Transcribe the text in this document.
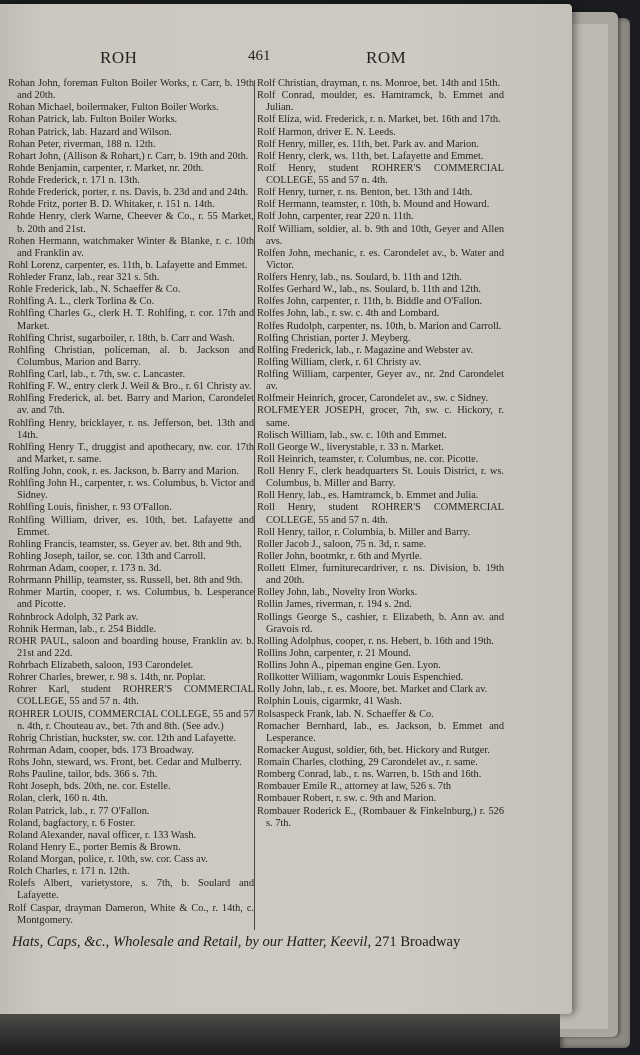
ROH	461	ROM

Rohan John, foreman Fulton Boiler Works, r. Carr, b. 19th and 20th.

Rohan Michael, boilermaker, Fulton Boiler Works.

Rohan Patrick, lab. Fulton Boiler Works.

Rohan Patrick, lab. Hazard and Wilson.

Rohan Peter, riverman, 188 n. 12th.

Rohart John, (Allison & Rohart,) r. Carr, b. 19th and 20th.

Rohde Benjamin, carpenter, r. Market, nr. 20th.

Rohde Frederick, r. 171 n. 13th.

Rohde Frederick, porter, r. ns. Davis, b. 23d and and 24th.

Rohde Fritz, porter B. D. Whitaker, r. 151 n. 14th.

Rohde Henry, clerk Warne, Cheever & Co., r. 55 Market, b. 20th and 21st.

Rohen Hermann, watchmaker Winter & Blanke, r. c. 10th and Franklin av.

Rohl Lorenz, carpenter, es. 11th, b. Lafayette and Emmet.

Rohleder Franz, lab., rear 321 s. 5th.

Rohle Frederick, lab., N. Schaeffer & Co.

Rohlfing A. L., clerk Torlina & Co.

Rohlfing Charles G., clerk H. T. Rohlfing, r. cor. 17th and Market.

Rohlfing Christ, sugarboiler, r. 18th, b. Carr and Wash.

Rohlfing Christian, policeman, al. b. Jackson and Columbus, Marion and Barry.

Rohlfing Carl, lab., r. 7th, sw. c. Lancaster.

Rohlfing F. W., entry clerk J. Weil & Bro., r. 61 Christy av.

Rohlfing Frederick, al. bet. Barry and Marion, Carondelet av. and 7th.

Rohlfing Henry, bricklayer, r. ns. Jefferson, bet. 13th and 14th.

Rohlfing Henry T., druggist and apothecary, nw. cor. 17th and Market, r. same.

Rolfing John, cook, r. es. Jackson, b. Barry and Marion.

Rohlfing John H., carpenter, r. ws. Columbus, b. Victor and Sidney.

Rohlfing Louis, finisher, r. 93 O'Fallon.

Rohlfing William, driver, es. 10th, bet. Lafayette and Emmet.

Rohling Francis, teamster, ss. Geyer av. bet. 8th and 9th.

Rohling Joseph, tailor, se. cor. 13th and Carroll.

Rohrman Adam, cooper, r. 173 n. 3d.

Rohrmann Phillip, teamster, ss. Russell, bet. 8th and 9th.

Rohmer Martin, cooper, r. ws. Columbus, b. Lesperance and Picotte.

Rohnbrock Adolph, 32 Park av.

Rohnik Herman, lab., r. 254 Biddle.

ROHR PAUL, saloon and boarding house, Franklin av. b. 21st and 22d.

Rohrbach Elizabeth, saloon, 193 Carondelet.

Rohrer Charles, brewer, r. 98 s. 14th, nr. Poplar.

Rohrer Karl, student ROHRER'S COMMERCIAL COLLEGE, 55 and 57 n. 4th.

ROHRER LOUIS, COMMERCIAL COLLEGE, 55 and 57 n. 4th, r. Chouteau av., bet. 7th and 8th. (See adv.)

Rohrig Christian, huckster, sw. cor. 12th and Lafayette.

Rohrman Adam, cooper, bds. 173 Broadway.

Rohs John, steward, ws. Front, bet. Cedar and Mulberry.

Rohs Pauline, tailor, bds. 366 s. 7th.

Roht Joseph, bds. 20th, ne. cor. Estelle.

Rolan, clerk, 160 n. 4th.

Rolan Patrick, lab., r. 77 O'Fallon.

Roland, bagfactory, r. 6 Foster.

Roland Alexander, naval officer, r. 133 Wash.

Roland Henry E., porter Bemis & Brown.

Roland Morgan, police, r. 10th, sw. cor. Cass av.

Rolch Charles, r. 171 n. 12th.

Rolefs Albert, varietystore, s. 7th, b. Soulard and Lafayette.

Rolf Caspar, drayman Dameron, White & Co., r. 14th, c. Montgomery.

Rolf Christian, drayman, r. ns. Monroe, bet. 14th and 15th.

Rolf Conrad, moulder, es. Hamtramck, b. Emmet and Julian.

Rolf Eliza, wid. Frederick, r. n. Market, bet. 16th and 17th.

Rolf Harmon, driver E. N. Leeds.

Rolf Henry, miller, es. 11th, bet. Park av. and Marion.

Rolf Henry, clerk, ws. 11th, bet. Lafayette and Emmet.

Rolf Henry, student ROHRER'S COMMERCIAL COLLEGE, 55 and 57 n. 4th.

Rolf Henry, turner, r. ns. Benton, bet. 13th and 14th.

Rolf Hermann, teamster, r. 10th, b. Mound and Howard.

Rolf John, carpenter, rear 220 n. 11th.

Rolf William, soldier, al. b. 9th and 10th, Geyer and Allen avs.

Rolfen John, mechanic, r. es. Carondelet av., b. Water and Victor.

Rolfers Henry, lab., ns. Soulard, b. 11th and 12th.

Rolfes Gerhard W., lab., ns. Soulard, b. 11th and 12th.

Rolfes John, carpenter, r. 11th, b. Biddle and O'Fallon.

Rolfes John, lab., r. sw. c. 4th and Lombard.

Rolfes Rudolph, carpenter, ns. 10th, b. Marion and Carroll.

Rolfing Christian, porter J. Meyberg.

Rolfing Frederick, lab., r. Magazine and Webster av.

Rolfing William, clerk, r. 61 Christy av.

Rolfing William, carpenter, Geyer av., nr. 2nd Carondelet av.

Rolfmeir Heinrich, grocer, Carondelet av., sw. c Sidney.

ROLFMEYER JOSEPH, grocer, 7th, sw. c. Hickory, r. same.

Rolisch William, lab., sw. c. 10th and Emmet.

Roll George W., liverystable, r. 33 n. Market.

Roll Heinrich, teamster, r. Columbus, ne. cor. Picotte.

Roll Henry F., clerk headquarters St. Louis District, r. ws. Columbus, b. Miller and Barry.

Roll Henry, lab., es. Hamtramck, b. Emmet and Julia.

Roll Henry, student ROHRER'S COMMERCIAL COLLEGE, 55 and 57 n. 4th.

Roll Henry, tailor, r. Columbia, b. Miller and Barry.

Roller Jacob J., saloon, 75 n. 3d, r. same.

Roller John, bootmkr, r. 6th and Myrtle.

Rollett Elmer, furniturecardriver, r. ns. Division, b. 19th and 20th.

Rolley John, lab., Novelty Iron Works.

Rollin James, riverman, r. 194 s. 2nd.

Rollings George S., cashier, r. Elizabeth, b. Ann av. and Gravois rd.

Rolling Adolphus, cooper, r. ns. Hebert, b. 16th and 19th.

Rollins John, carpenter, r. 21 Mound.

Rollins John A., pipeman engine Gen. Lyon.

Rollkotter William, wagonmkr Louis Espenchied.

Rolly John, lab., r. es. Moore, bet. Market and Clark av.

Rolphin Louis, cigarmkr, 41 Wash.

Rolsaspeck Frank, lab. N. Schaeffer & Co.

Romacher Bernhard, lab., es. Jackson, b. Emmet and Lesperance.

Romacker August, soldier, 6th, bet. Hickory and Rutger.

Romain Charles, clothing, 29 Carondelet av., r. same.

Romberg Conrad, lab., r. ns. Warren, b. 15th and 16th.

Rombauer Emile R., attorney at law, 526 s. 7th

Rombauer Robert, r. sw. c. 9th and Marion.

Rombauer Roderick E., (Rombauer & Finkelnburg,) r. 526 s. 7th.

Hats, Caps, &c., Wholesale and Retail, by our Hatter, Keevil, 271 Broadway
